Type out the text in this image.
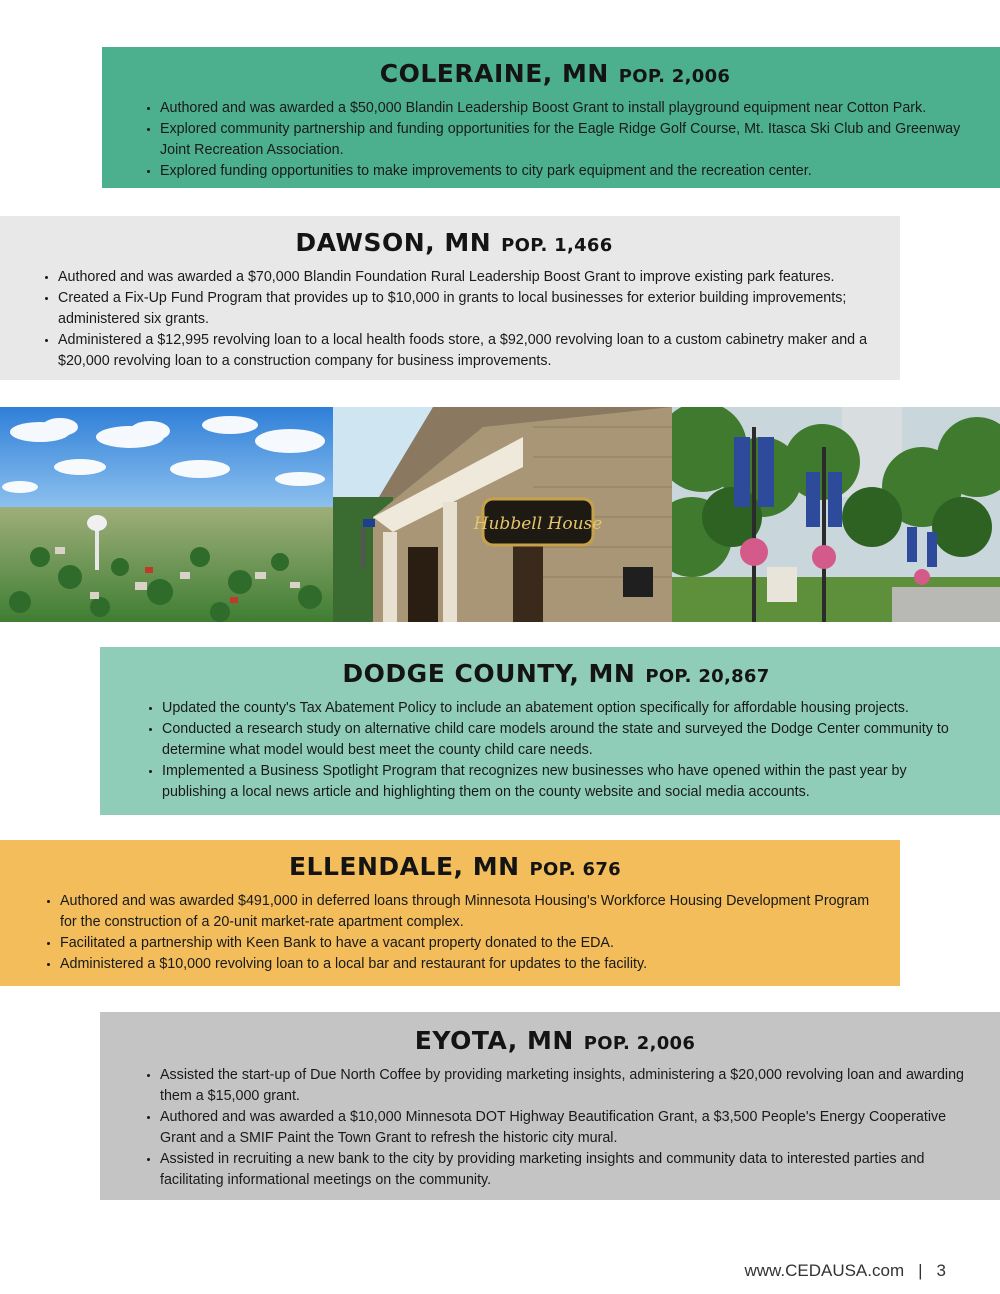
COLERAINE, MN POP. 2,006
• Authored and was awarded a $50,000 Blandin Leadership Boost Grant to install playground equipment near Cotton Park.
• Explored community partnership and funding opportunities for the Eagle Ridge Golf Course, Mt. Itasca Ski Club and Greenway Joint Recreation Association.
• Explored funding opportunities to make improvements to city park equipment and the recreation center.
DAWSON, MN POP. 1,466
• Authored and was awarded a $70,000 Blandin Foundation Rural Leadership Boost Grant to improve existing park features.
• Created a Fix-Up Fund Program that provides up to $10,000 in grants to local businesses for exterior building improvements; administered six grants.
• Administered a $12,995 revolving loan to a local health foods store, a $92,000 revolving loan to a custom cabinetry maker and a $20,000 revolving loan to a construction company for business improvements.
Hubbell House
DODGE COUNTY, MN POP. 20,867
• Updated the county's Tax Abatement Policy to include an abatement option specifically for affordable housing projects.
• Conducted a research study on alternative child care models around the state and surveyed the Dodge Center community to determine what model would best meet the county child care needs.
• Implemented a Business Spotlight Program that recognizes new businesses who have opened within the past year by publishing a local news article and highlighting them on the county website and social media accounts.
ELLENDALE, MN POP. 676
• Authored and was awarded $491,000 in deferred loans through Minnesota Housing's Workforce Housing Development Program for the construction of a 20-unit market-rate apartment complex.
• Facilitated a partnership with Keen Bank to have a vacant property donated to the EDA.
• Administered a $10,000 revolving loan to a local bar and restaurant for updates to the facility.
EYOTA, MN POP. 2,006
• Assisted the start-up of Due North Coffee by providing marketing insights, administering a $20,000 revolving loan and awarding them a $15,000 grant.
• Authored and was awarded a $10,000 Minnesota DOT Highway Beautification Grant, a $3,500 People's Energy Cooperative Grant and a SMIF Paint the Town Grant to refresh the historic city mural.
• Assisted in recruiting a new bank to the city by providing marketing insights and community data to interested parties and facilitating informational meetings on the community.
www.CEDAUSA.com | 3
